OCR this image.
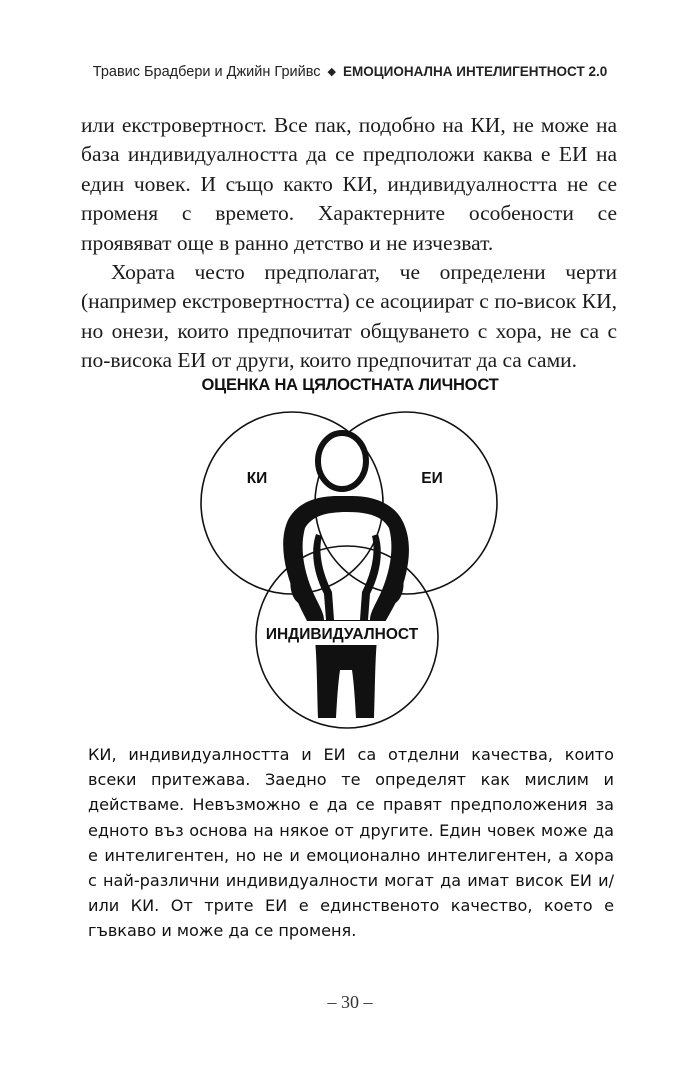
Травис Брадбери и Джийн Грийвс ◆ ЕМОЦИОНАЛНА ИНТЕЛИГЕНТНОСТ 2.0

или екстровертност. Все пак, подобно на КИ, не може на база индивидуалността да се предположи каква е ЕИ на един човек. И също както КИ, индивидуалността не се променя с времето. Характерните особености се проявяват още в ранно детство и не изчезват.

Хората често предполагат, че определени черти (например екстровертността) се асоциират с по-висок КИ, но онези, които предпочитат общуването с хора, не са с по-висока ЕИ от други, които предпочитат да са сами.

ОЦЕНКА НА ЦЯЛОСТНАТА ЛИЧНОСТ
КИ	ЕИ
ИНДИВИДУАЛНОСТ

КИ, индивидуалността и ЕИ са отделни качества, които всеки притежава. Заедно те определят как мислим и действаме. Невъзможно е да се правят предположения за едното въз основа на някое от другите. Един човек може да е интелигентен, но не и емоционално интелигентен, а хора с най-различни индивидуалности могат да имат висок ЕИ и/или КИ. От трите ЕИ е единственото качество, което е гъвкаво и може да се променя.

– 30 –
